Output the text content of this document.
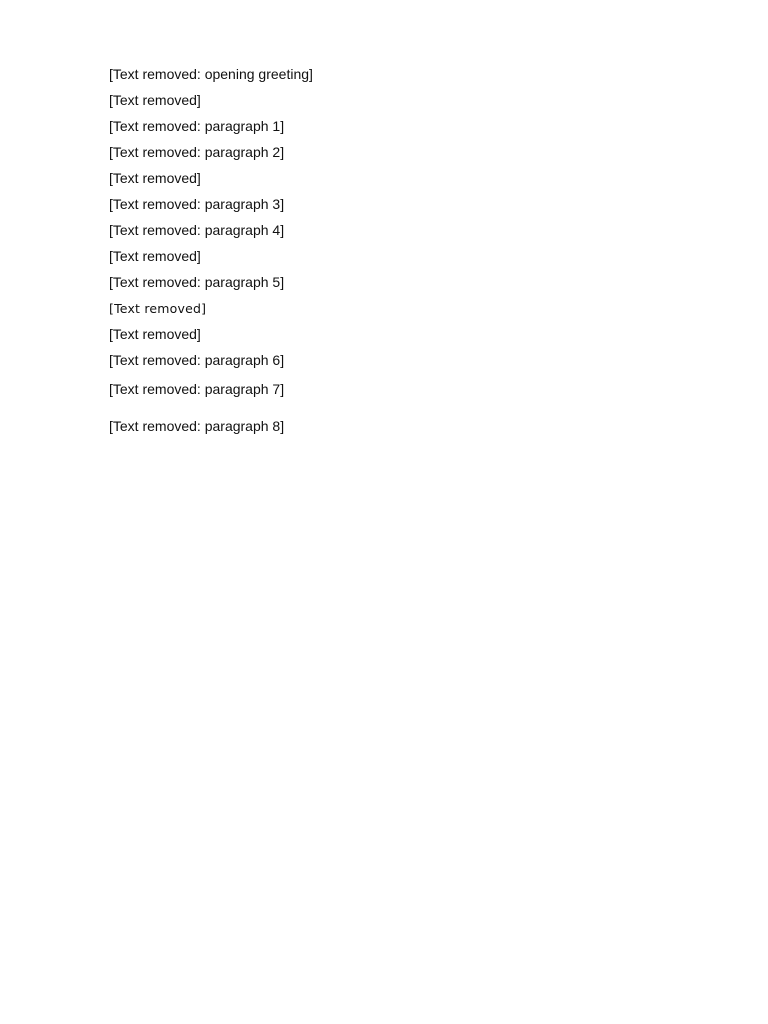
[Text removed: opening greeting]

[Text removed]

[Text removed: paragraph 1]

[Text removed: paragraph 2]

[Text removed]

[Text removed: paragraph 3]

[Text removed: paragraph 4]

[Text removed]

[Text removed: paragraph 5]

[Text removed]

[Text removed]

[Text removed: paragraph 6]

[Text removed: paragraph 7]

[Text removed: paragraph 8]
